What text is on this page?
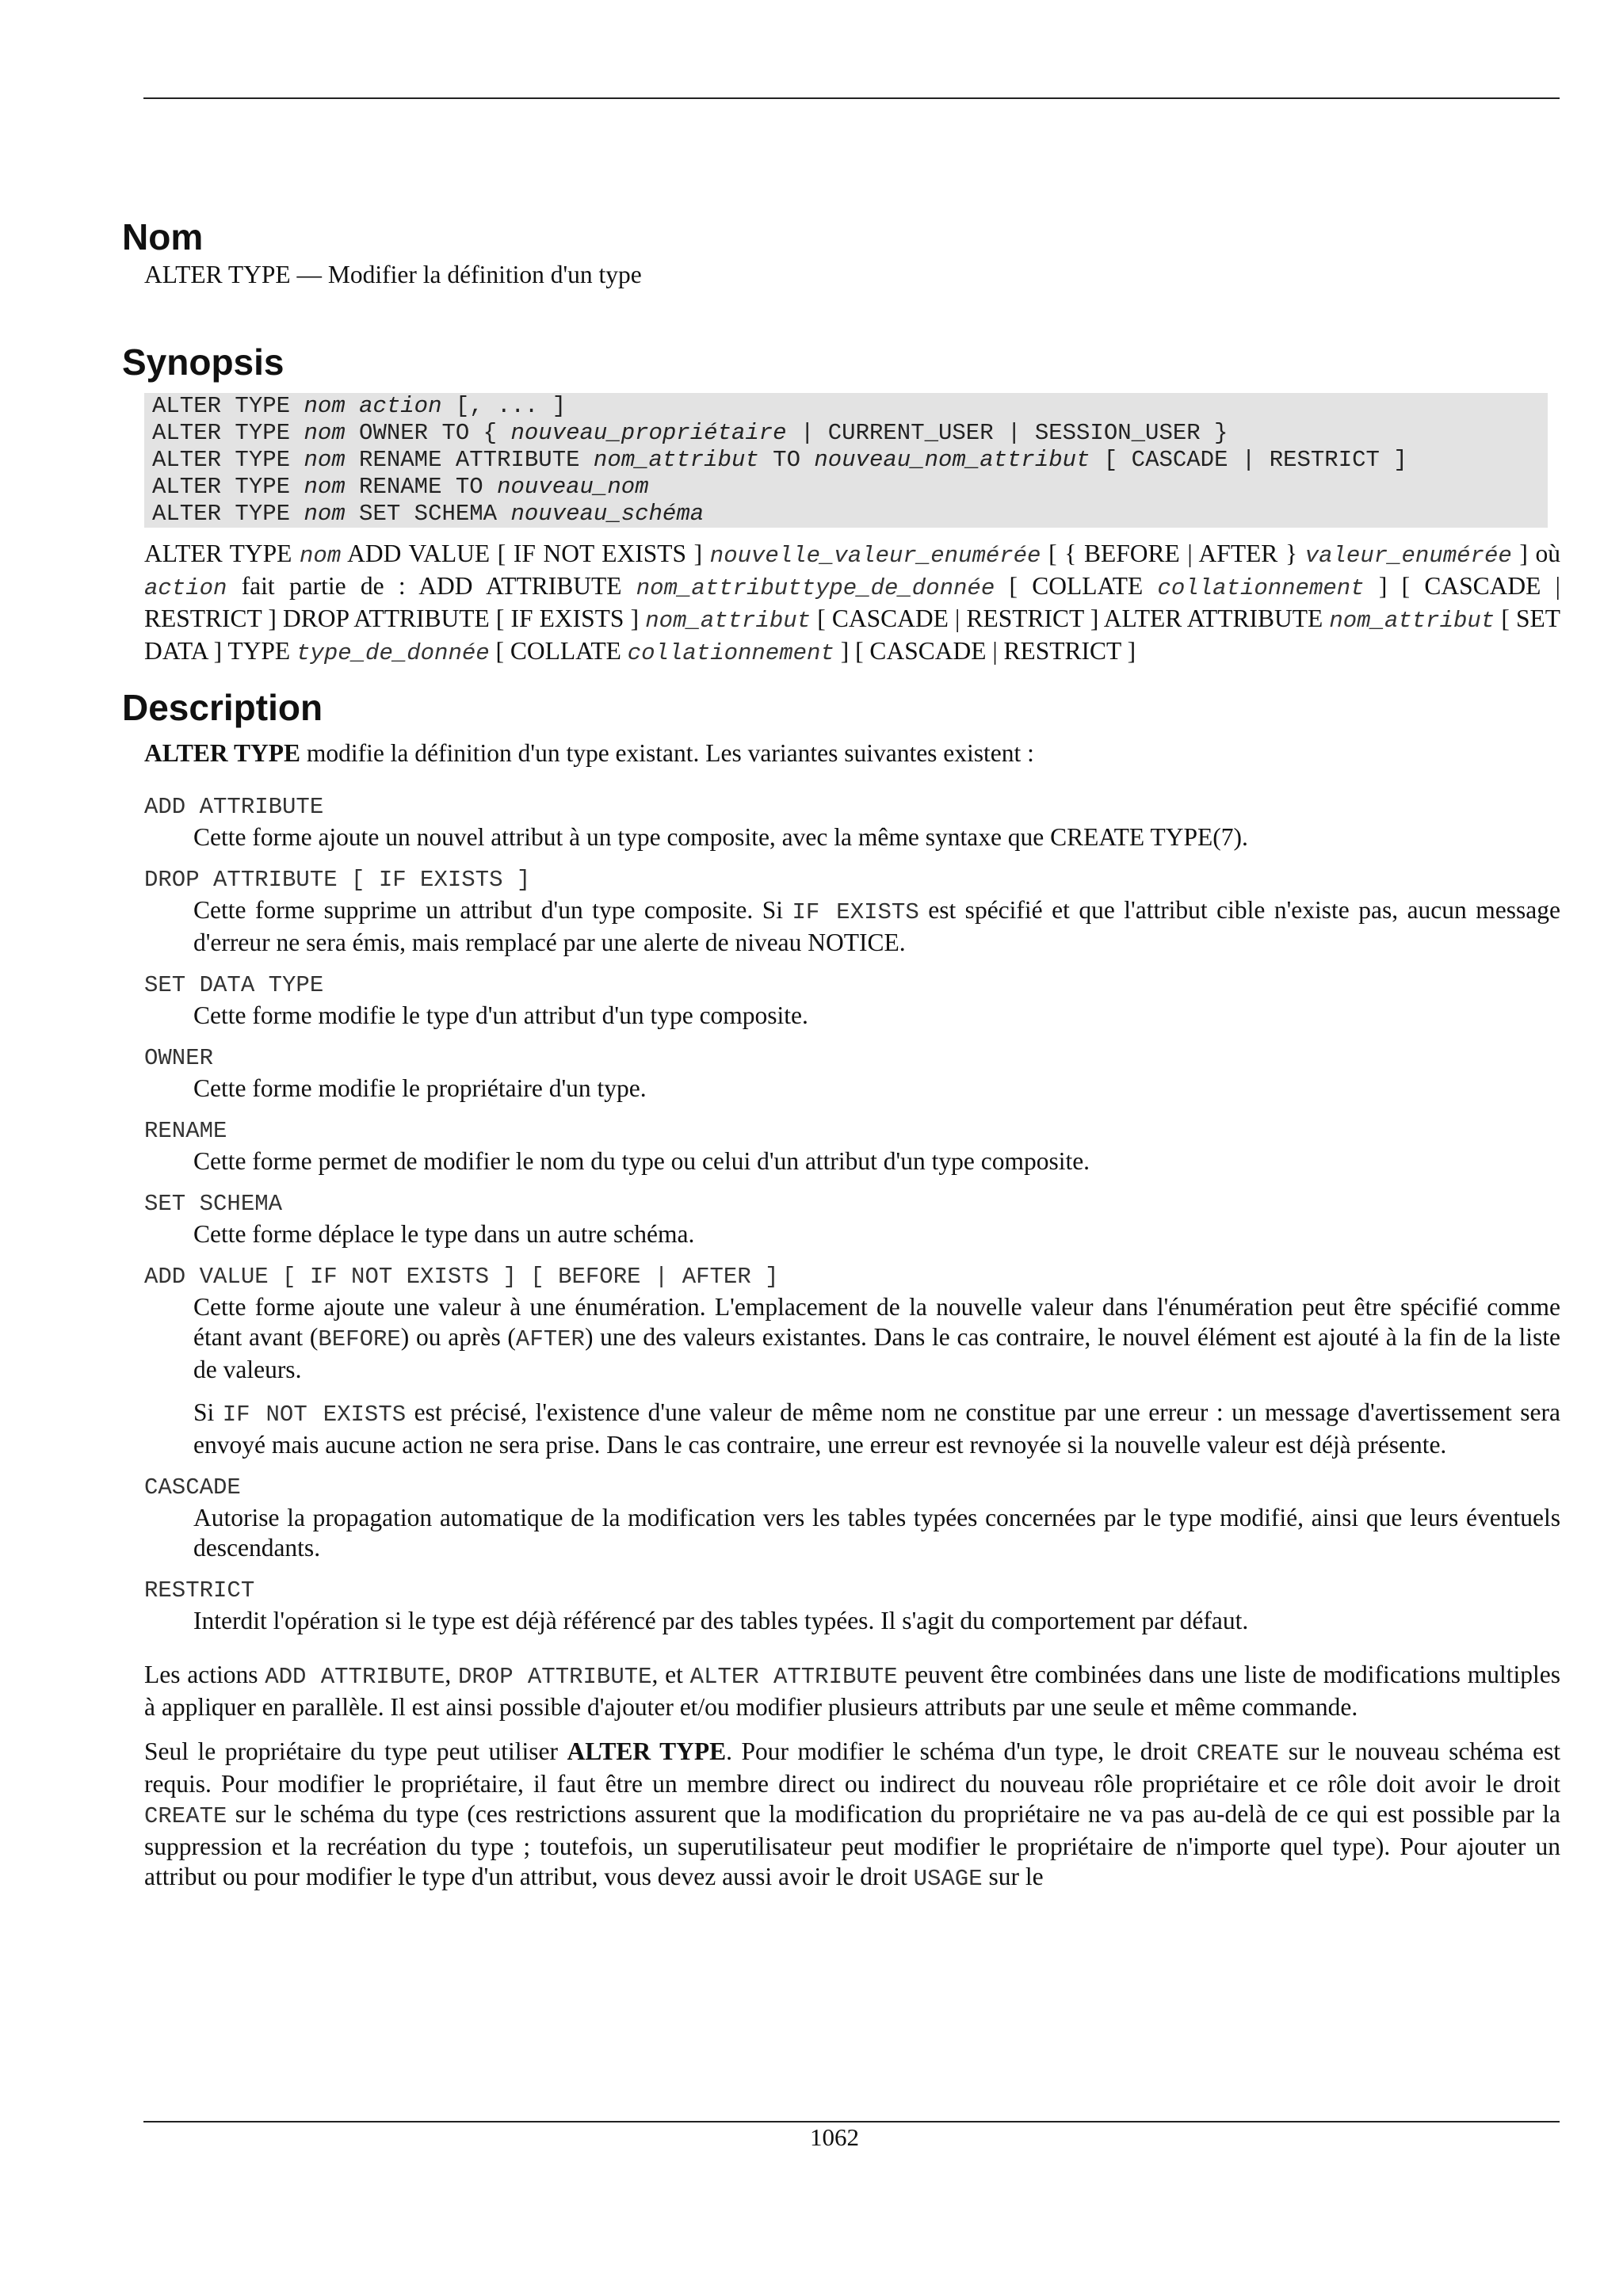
Nom
ALTER TYPE — Modifier la définition d'un type
Synopsis
ALTER TYPE nom action [, ... ]
ALTER TYPE nom OWNER TO { nouveau_propriétaire | CURRENT_USER | SESSION_USER }
ALTER TYPE nom RENAME ATTRIBUTE nom_attribut TO nouveau_nom_attribut [ CASCADE | RESTRICT ]
ALTER TYPE nom RENAME TO nouveau_nom
ALTER TYPE nom SET SCHEMA nouveau_schéma

ALTER TYPE nom ADD VALUE [ IF NOT EXISTS ] nouvelle_valeur_enumérée [ { BEFORE | AFTER } valeur_enumérée ] où action fait partie de : ADD ATTRIBUTE nom_attributtype_de_donnée [ COLLATE collationnement ] [ CASCADE | RESTRICT ] DROP ATTRIBUTE [ IF EXISTS ] nom_attribut [ CASCADE | RESTRICT ] ALTER ATTRIBUTE nom_attribut [ SET DATA ] TYPE type_de_donnée [ COLLATE collationnement ] [ CASCADE | RESTRICT ]

Description

ALTER TYPE modifie la définition d'un type existant. Les variantes suivantes existent :

ADD ATTRIBUTE

Cette forme ajoute un nouvel attribut à un type composite, avec la même syntaxe que CREATE TYPE(7).

DROP ATTRIBUTE [ IF EXISTS ]

Cette forme supprime un attribut d'un type composite. Si IF EXISTS est spécifié et que l'attribut cible n'existe pas, aucun message d'erreur ne sera émis, mais remplacé par une alerte de niveau NOTICE.

SET DATA TYPE

Cette forme modifie le type d'un attribut d'un type composite.

OWNER

Cette forme modifie le propriétaire d'un type.

RENAME

Cette forme permet de modifier le nom du type ou celui d'un attribut d'un type composite.

SET SCHEMA

Cette forme déplace le type dans un autre schéma.

ADD VALUE [ IF NOT EXISTS ] [ BEFORE | AFTER ]

Cette forme ajoute une valeur à une énumération. L'emplacement de la nouvelle valeur dans l'énumération peut être spécifié comme étant avant (BEFORE) ou après (AFTER) une des valeurs existantes. Dans le cas contraire, le nouvel élément est ajouté à la fin de la liste de valeurs.

Si IF NOT EXISTS est précisé, l'existence d'une valeur de même nom ne constitue par une erreur : un message d'avertissement sera envoyé mais aucune action ne sera prise. Dans le cas contraire, une erreur est revnoyée si la nouvelle valeur est déjà présente.

CASCADE

Autorise la propagation automatique de la modification vers les tables typées concernées par le type modifié, ainsi que leurs éventuels descendants.

RESTRICT

Interdit l'opération si le type est déjà référencé par des tables typées. Il s'agit du comportement par défaut.

Les actions ADD ATTRIBUTE, DROP ATTRIBUTE, et ALTER ATTRIBUTE peuvent être combinées dans une liste de modifications multiples à appliquer en parallèle. Il est ainsi possible d'ajouter et/ou modifier plusieurs attributs par une seule et même commande.

Seul le propriétaire du type peut utiliser ALTER TYPE. Pour modifier le schéma d'un type, le droit CREATE sur le nouveau schéma est requis. Pour modifier le propriétaire, il faut être un membre direct ou indirect du nouveau rôle propriétaire et ce rôle doit avoir le droit CREATE sur le schéma du type (ces restrictions assurent que la modification du propriétaire ne va pas au-delà de ce qui est possible par la suppression et la recréation du type ; toutefois, un superutilisateur peut modifier le propriétaire de n'importe quel type). Pour ajouter un attribut ou pour modifier le type d'un attribut, vous devez aussi avoir le droit USAGE sur le

1062
